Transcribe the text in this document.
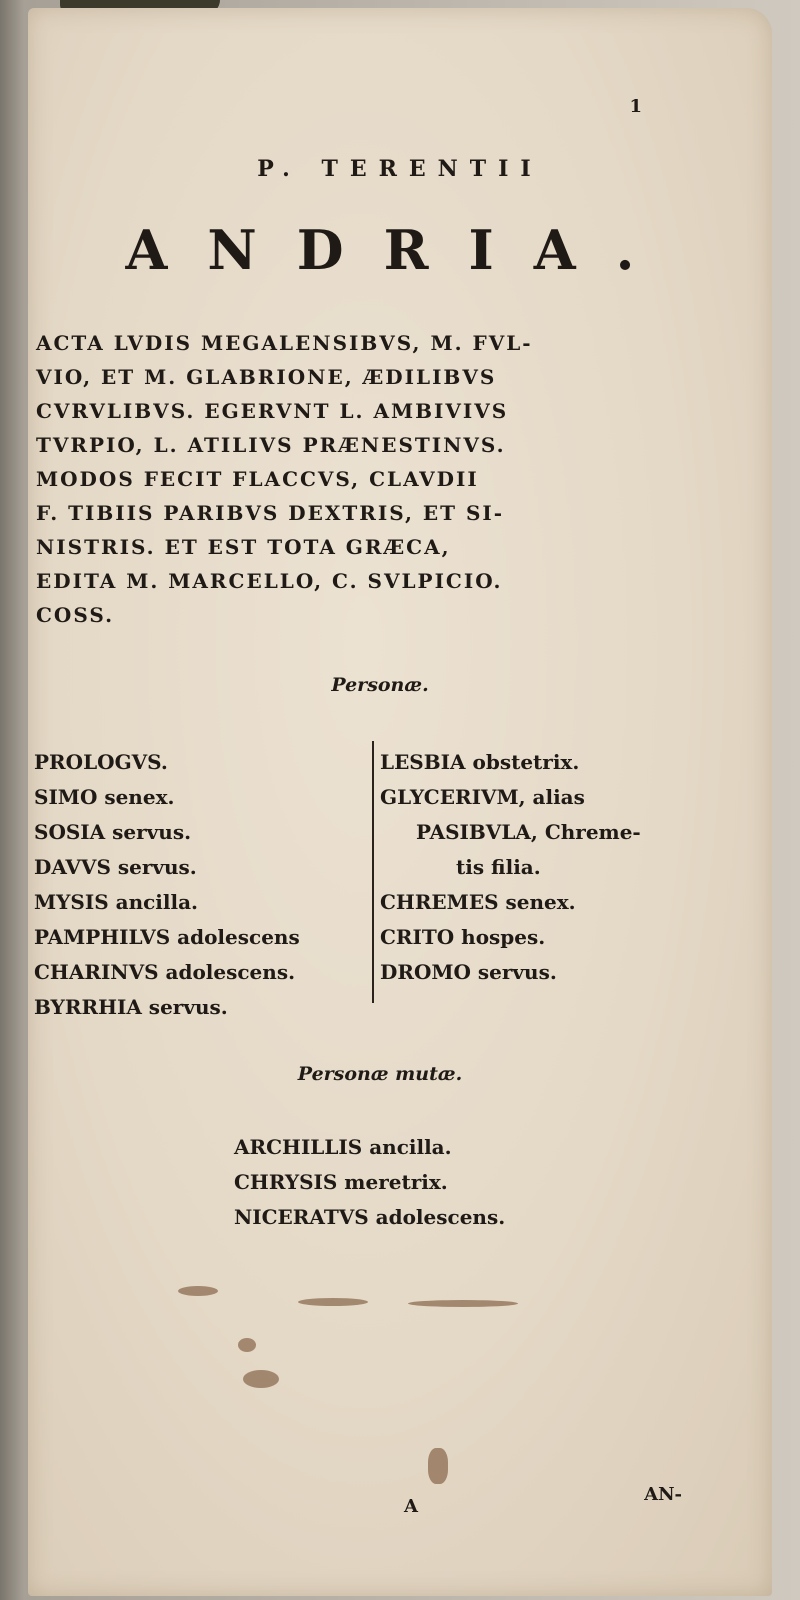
1
P. TERENTII
ANDRIA.
ACTA LVDIS MEGALENSIBVS, M. FVL-
VIO, ET M. GLABRIONE, ÆDILIBVS
CVRVLIBVS. EGERVNT L. AMBIVIVS
TVRPIO, L. ATILIVS PRÆNESTINVS.
MODOS FECIT FLACCVS, CLAVDII
F. TIBIIS PARIBVS DEXTRIS, ET SI-
NISTRIS. ET EST TOTA GRÆCA,
EDITA M. MARCELLO, C. SVLPICIO.
COSS.
Personæ.
PROLOGVS.
SIMO senex.
SOSIA servus.
DAVVS servus.
MYSIS ancilla.
PAMPHILVS adolescens
CHARINVS adolescens.
BYRRHIA servus.
LESBIA obstetrix.
GLYCERIVM, alias
PASIBVLA, Chreme-
tis filia.
CHREMES senex.
CRITO hospes.
DROMO servus.
Personæ mutæ.
ARCHILLIS ancilla.
CHRYSIS meretrix.
NICERATVS adolescens.
A
AN-
